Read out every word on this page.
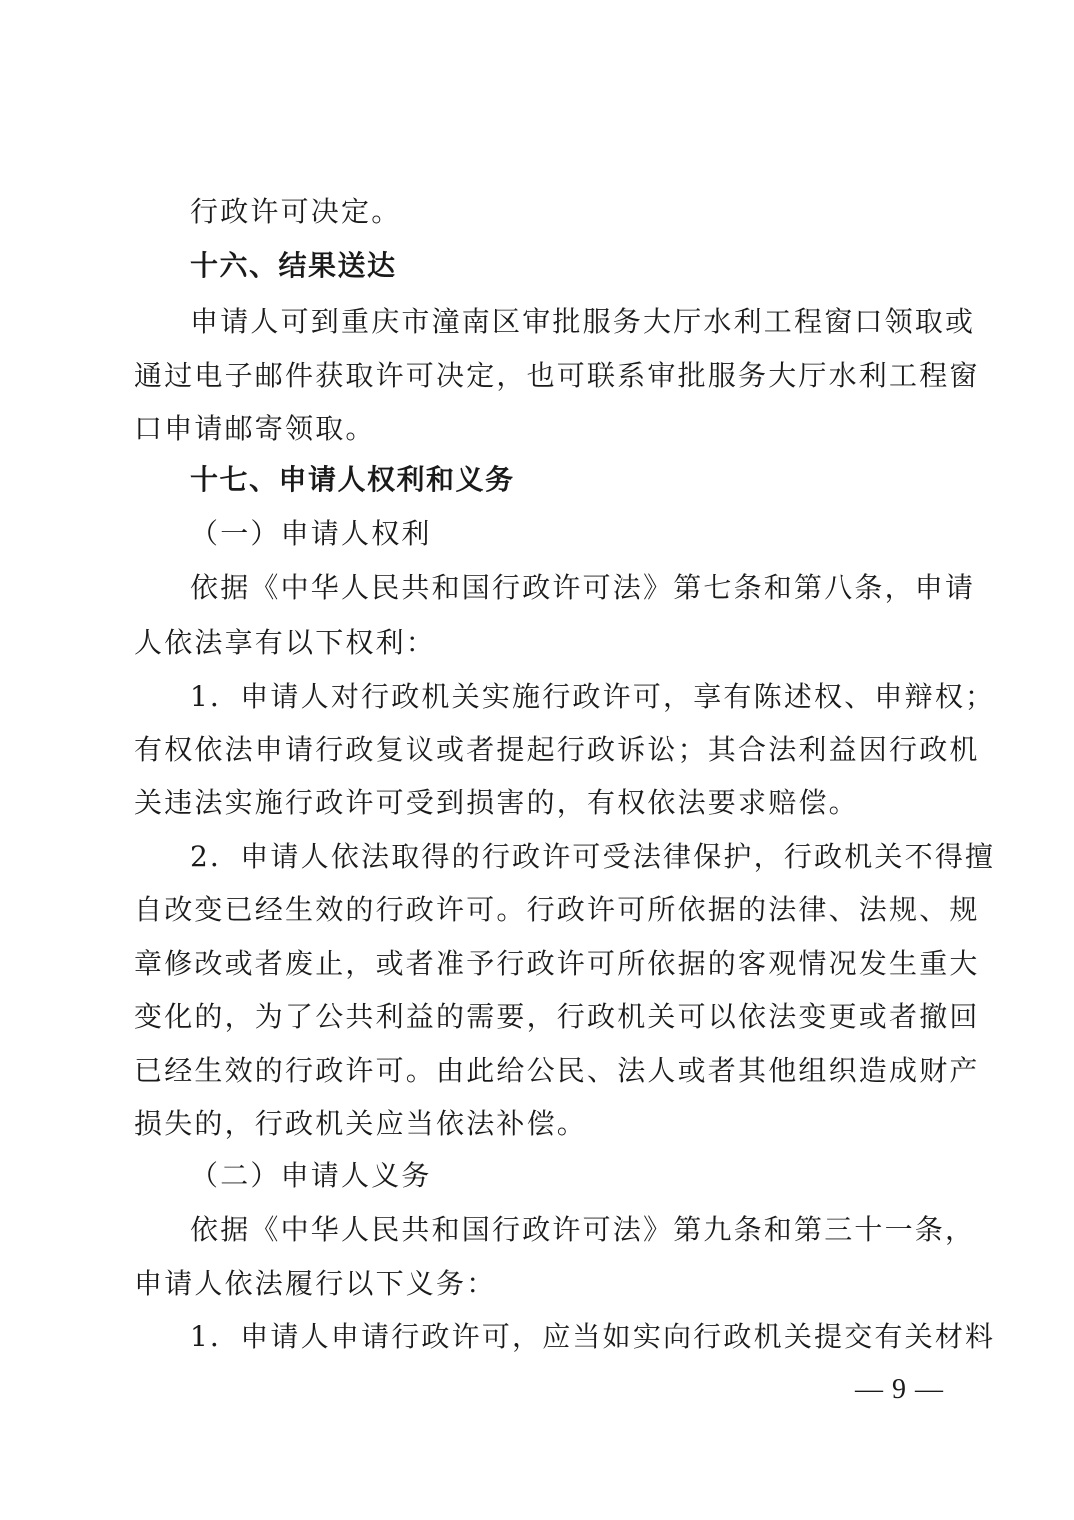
行政许可决定。
十六、结果送达
申请人可到重庆市潼南区审批服务大厅水利工程窗口领取或
通过电子邮件获取许可决定，也可联系审批服务大厅水利工程窗
口申请邮寄领取。
十七、申请人权利和义务
（一）申请人权利
依据《中华人民共和国行政许可法》第七条和第八条，申请
人依法享有以下权利：
1．申请人对行政机关实施行政许可，享有陈述权、申辩权；
有权依法申请行政复议或者提起行政诉讼；其合法利益因行政机
关违法实施行政许可受到损害的，有权依法要求赔偿。
2．申请人依法取得的行政许可受法律保护，行政机关不得擅
自改变已经生效的行政许可。行政许可所依据的法律、法规、规
章修改或者废止，或者准予行政许可所依据的客观情况发生重大
变化的，为了公共利益的需要，行政机关可以依法变更或者撤回
已经生效的行政许可。由此给公民、法人或者其他组织造成财产
损失的，行政机关应当依法补偿。
（二）申请人义务
依据《中华人民共和国行政许可法》第九条和第三十一条，
申请人依法履行以下义务：
1．申请人申请行政许可，应当如实向行政机关提交有关材料
— 9 —
